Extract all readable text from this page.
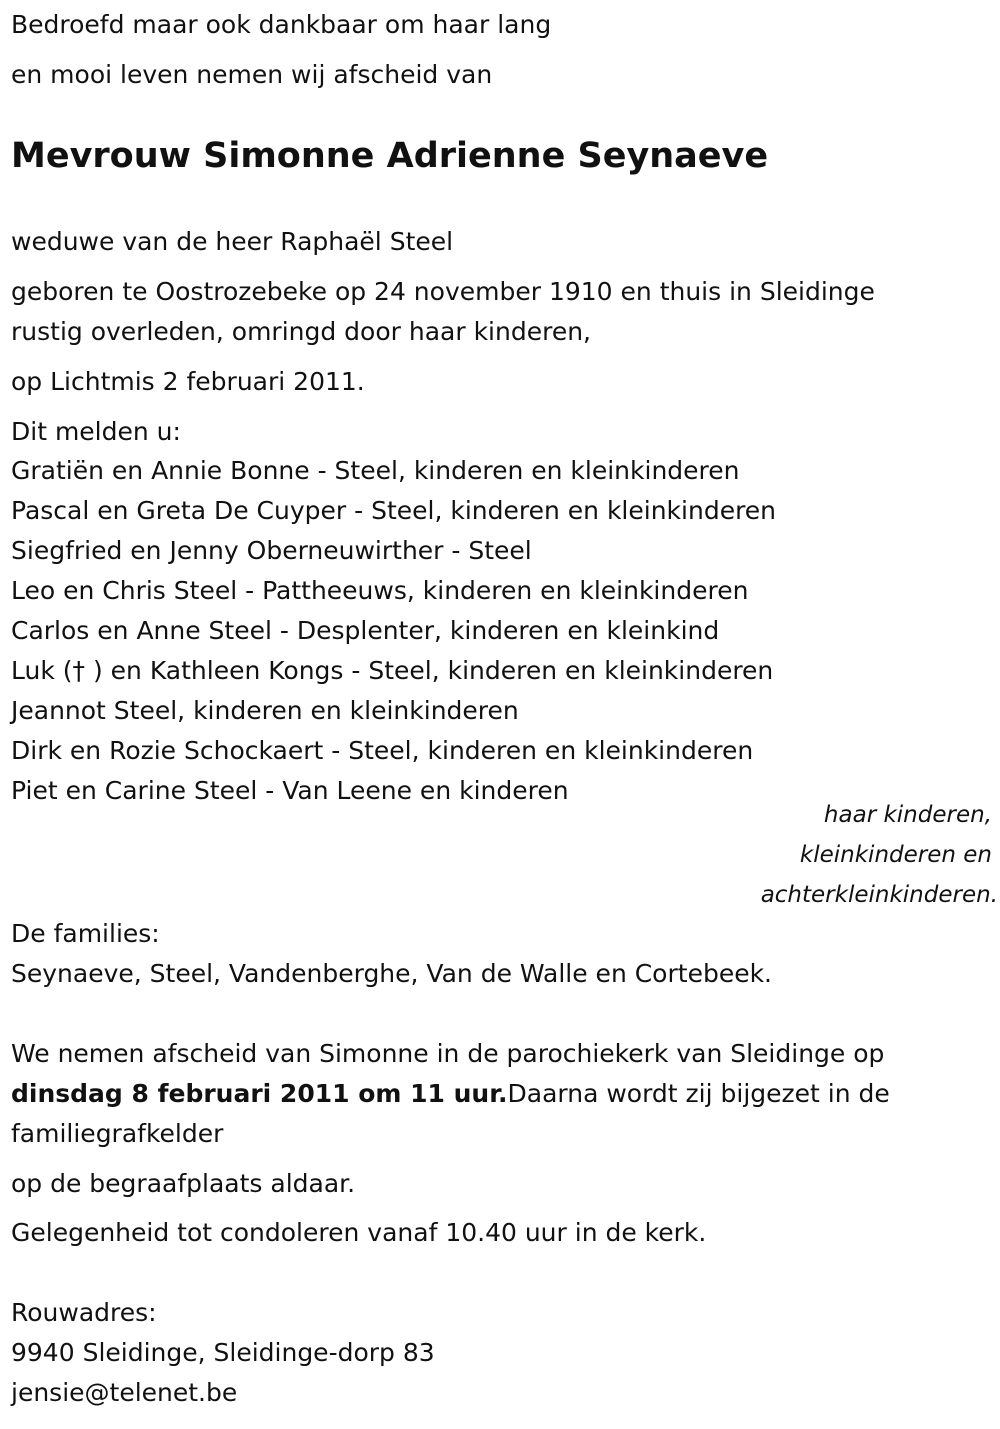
Bedroefd maar ook dankbaar om haar lang

en mooi leven nemen wij afscheid van

Mevrouw Simonne Adrienne Seynaeve

weduwe van de heer Raphaël Steel

geboren te Oostrozebeke op 24 november 1910 en thuis in Sleidinge

rustig overleden, omringd door haar kinderen,

op Lichtmis 2 februari 2011.

Dit melden u:

Gratiën en Annie Bonne - Steel, kinderen en kleinkinderen

Pascal en Greta De Cuyper - Steel, kinderen en kleinkinderen

Siegfried en Jenny Oberneuwirther - Steel

Leo en Chris Steel - Pattheeuws, kinderen en kleinkinderen

Carlos en Anne Steel - Desplenter, kinderen en kleinkind

Luk († ) en Kathleen Kongs - Steel, kinderen en kleinkinderen

Jeannot Steel, kinderen en kleinkinderen

Dirk en Rozie Schockaert - Steel, kinderen en kleinkinderen

Piet en Carine Steel - Van Leene en kinderen

haar kinderen,
kleinkinderen en
achterkleinkinderen.

De families:

Seynaeve, Steel, Vandenberghe, Van de Walle en Cortebeek.

We nemen afscheid van Simonne in de parochiekerk van Sleidinge op

dinsdag 8 februari 2011 om 11 uur.Daarna wordt zij bijgezet in de

familiegrafkelder

op de begraafplaats aldaar.

Gelegenheid tot condoleren vanaf 10.40 uur in de kerk.

Rouwadres:

9940 Sleidinge, Sleidinge-dorp 83

jensie@telenet.be
